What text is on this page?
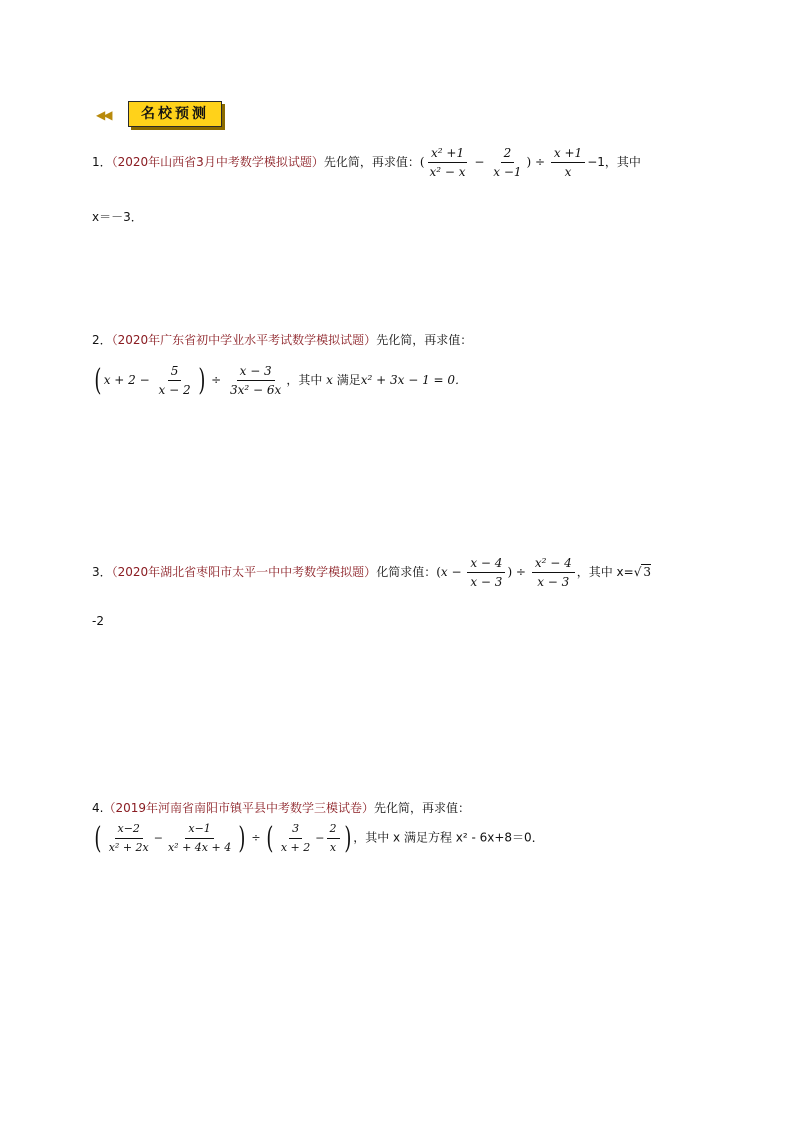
◀◀	名校预测
1．（2020年山西省3月中考数学模拟试题）先化简，再求值：( $\frac{\text{x² +1}}{\text{x² − x}} - \frac{2}{x -1}$ ) ÷ $\frac{x +1}{x} -1$，其中
x＝－3．
2．（2020年广东省初中学业水平考试数学模拟试题）先化简，再求值：
( $x + 2 - \frac{5}{x - 2}$ ) ÷ $\frac{x - 3}{\text{3x² − 6x}}$ ，其中 x 满足x² + 3x − 1 = 0．
3．（2020年湖北省枣阳市太平一中中考数学模拟题）化简求值：($x - \frac{x - 4}{x - 3}$ ) ÷ $\frac{\text{x² − 4}}{x - 3}$ ，其中 x=√ 3
-2
4.（2019年河南省南阳市镇平县中考数学三模试卷）先化简，再求值：
( $\frac{x-2}{\text{x² + 2x}} - \frac{x-1}{\text{x² + 4x + 4}}$ ) ÷ ( $\frac{3}{x + 2} - \frac{2}{x}$ ) ，其中 x 满足方程 x² - 6x+8＝0．
